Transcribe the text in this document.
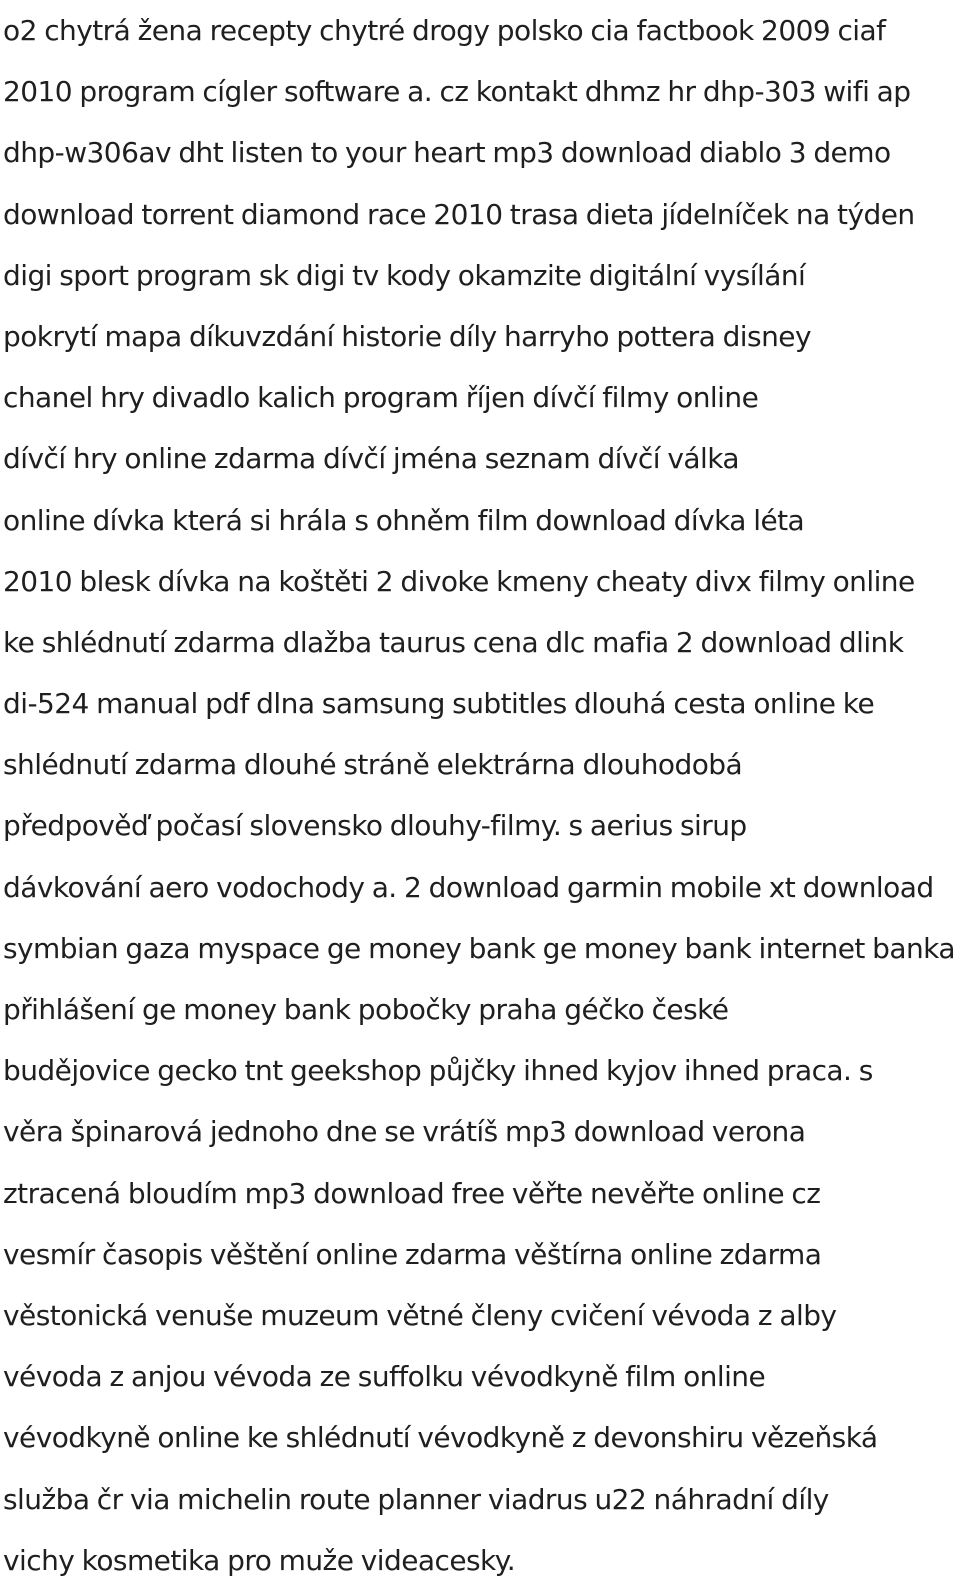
o2 chytrá žena recepty chytré drogy polsko cia factbook 2009 ciaf
2010 program cígler software a. cz kontakt dhmz hr dhp-303 wifi ap
dhp-w306av dht listen to your heart mp3 download diablo 3 demo
download torrent diamond race 2010 trasa dieta jídelníček na týden
digi sport program sk digi tv kody okamzite digitální vysílání
pokrytí mapa díkuvzdání historie díly harryho pottera disney
chanel hry divadlo kalich program říjen dívčí filmy online
dívčí hry online zdarma dívčí jména seznam dívčí válka
online dívka která si hrála s ohněm film download dívka léta
2010 blesk dívka na koštěti 2 divoke kmeny cheaty divx filmy online
ke shlédnutí zdarma dlažba taurus cena dlc mafia 2 download dlink
di-524 manual pdf dlna samsung subtitles dlouhá cesta online ke
shlédnutí zdarma dlouhé stráně elektrárna dlouhodobá
předpověď počasí slovensko dlouhy-filmy. s aerius sirup
dávkování aero vodochody a. 2 download garmin mobile xt download
symbian gaza myspace ge money bank ge money bank internet banka
přihlášení ge money bank pobočky praha géčko české
budějovice gecko tnt geekshop půjčky ihned kyjov ihned praca. s
věra špinarová jednoho dne se vrátíš mp3 download verona
ztracená bloudím mp3 download free věřte nevěřte online cz
vesmír časopis věštění online zdarma věštírna online zdarma
věstonická venuše muzeum větné členy cvičení vévoda z alby
vévoda z anjou vévoda ze suffolku vévodkyně film online
vévodkyně online ke shlédnutí vévodkyně z devonshiru vězeňská
služba čr via michelin route planner viadrus u22 náhradní díly
vichy kosmetika pro muže videacesky.
